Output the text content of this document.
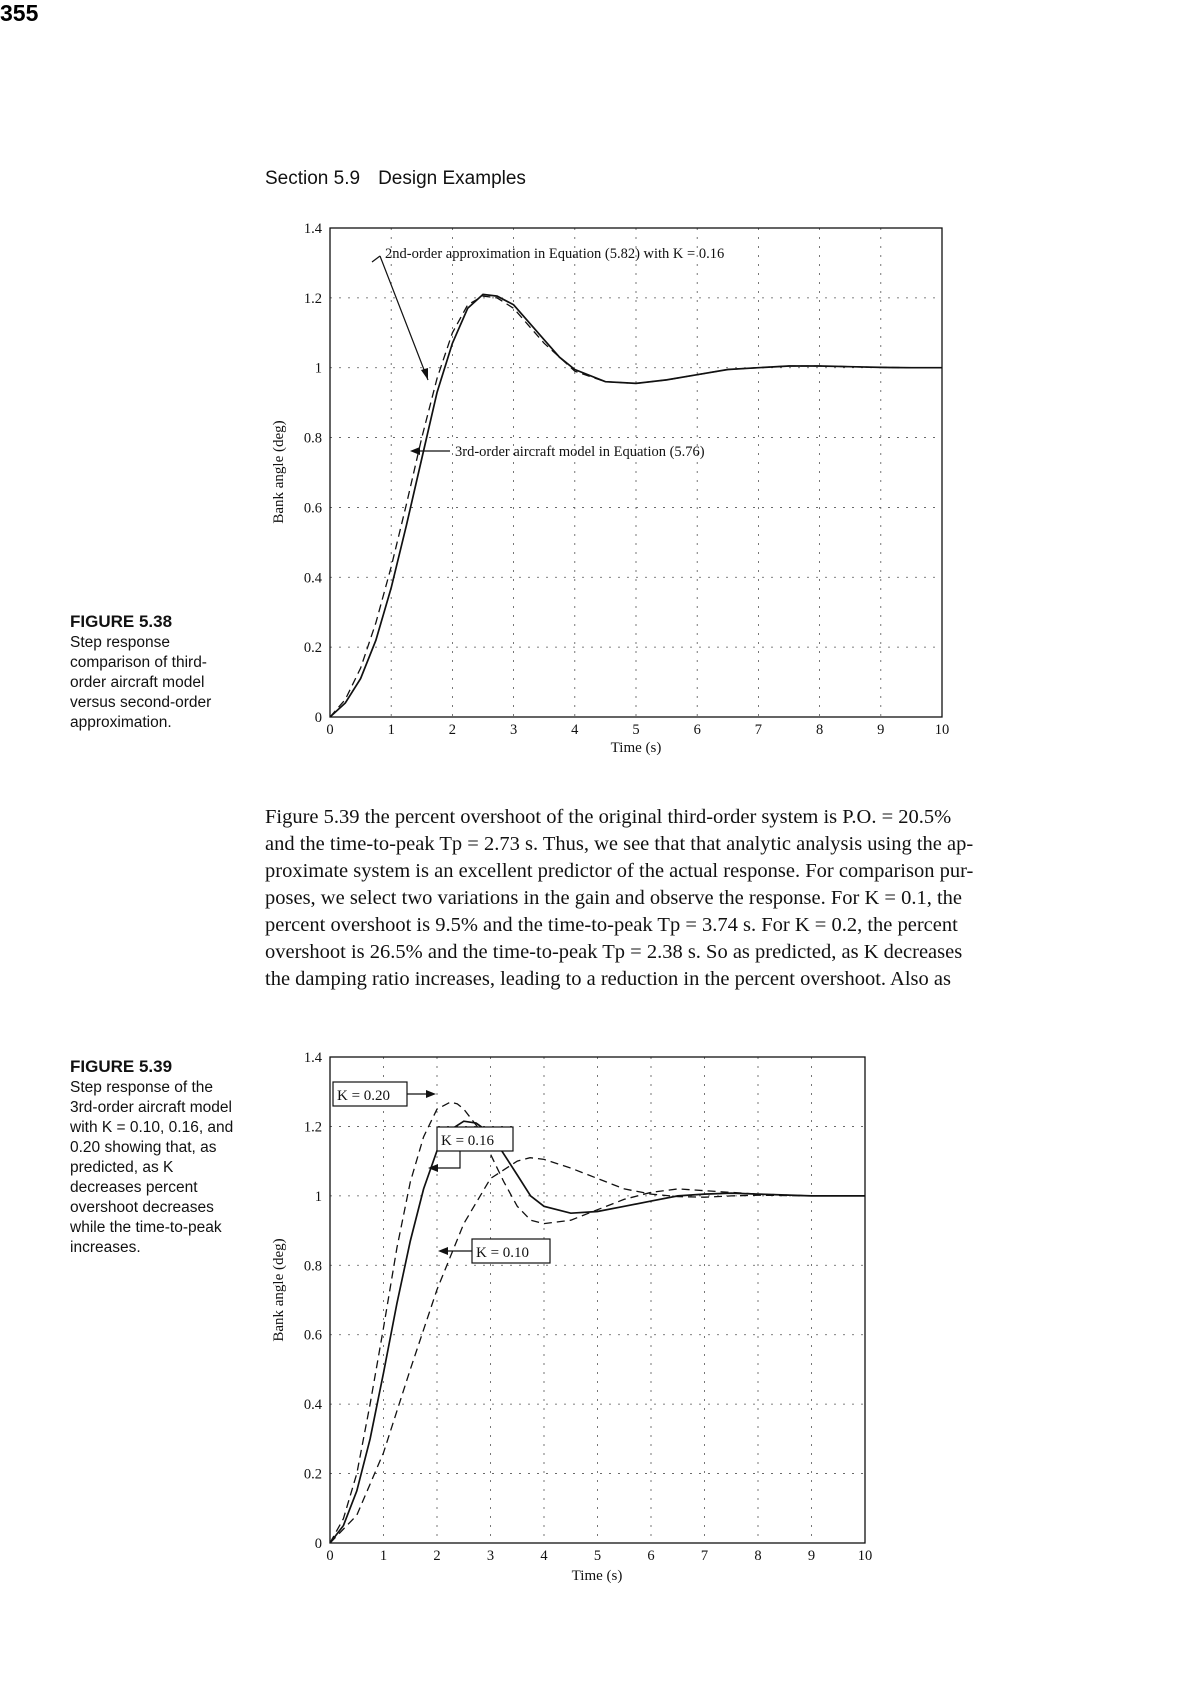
Section 5.9 Design Examples
355
FIGURE 5.38
Step response comparison of third-order aircraft model versus second-order approximation.	0	1	2	3	4	5	6	7	8	9	10
0
0.2
0.4
0.6
0.8
1
1.2
1.4
Time (s)
Bank angle (deg)
2nd-order approximation in Equation (5.82) with K = 0.16
3rd-order aircraft model in Equation (5.76)

Figure 5.39 the percent overshoot of the original third-order system is P.O. = 20.5%

and the time-to-peak Tp = 2.73 s. Thus, we see that that analytic analysis using the ap-

proximate system is an excellent predictor of the actual response. For comparison pur-

poses, we select two variations in the gain and observe the response. For K = 0.1, the

percent overshoot is 9.5% and the time-to-peak Tp = 3.74 s. For K = 0.2, the percent

overshoot is 26.5% and the time-to-peak Tp = 2.38 s. So as predicted, as K decreases

the damping ratio increases, leading to a reduction in the percent overshoot. Also as

FIGURE 5.39
Step response of the 3rd-order aircraft model with K = 0.10, 0.16, and 0.20 showing that, as predicted, as K decreases percent overshoot decreases while the time-to-peak increases.
0	1	2	3	4	5	6	7	8	9	10
0
0.2
0.4
0.6
0.8
1
1.2
1.4
Time (s)
Bank angle (deg)
K = 0.20
K = 0.16
K = 0.10
